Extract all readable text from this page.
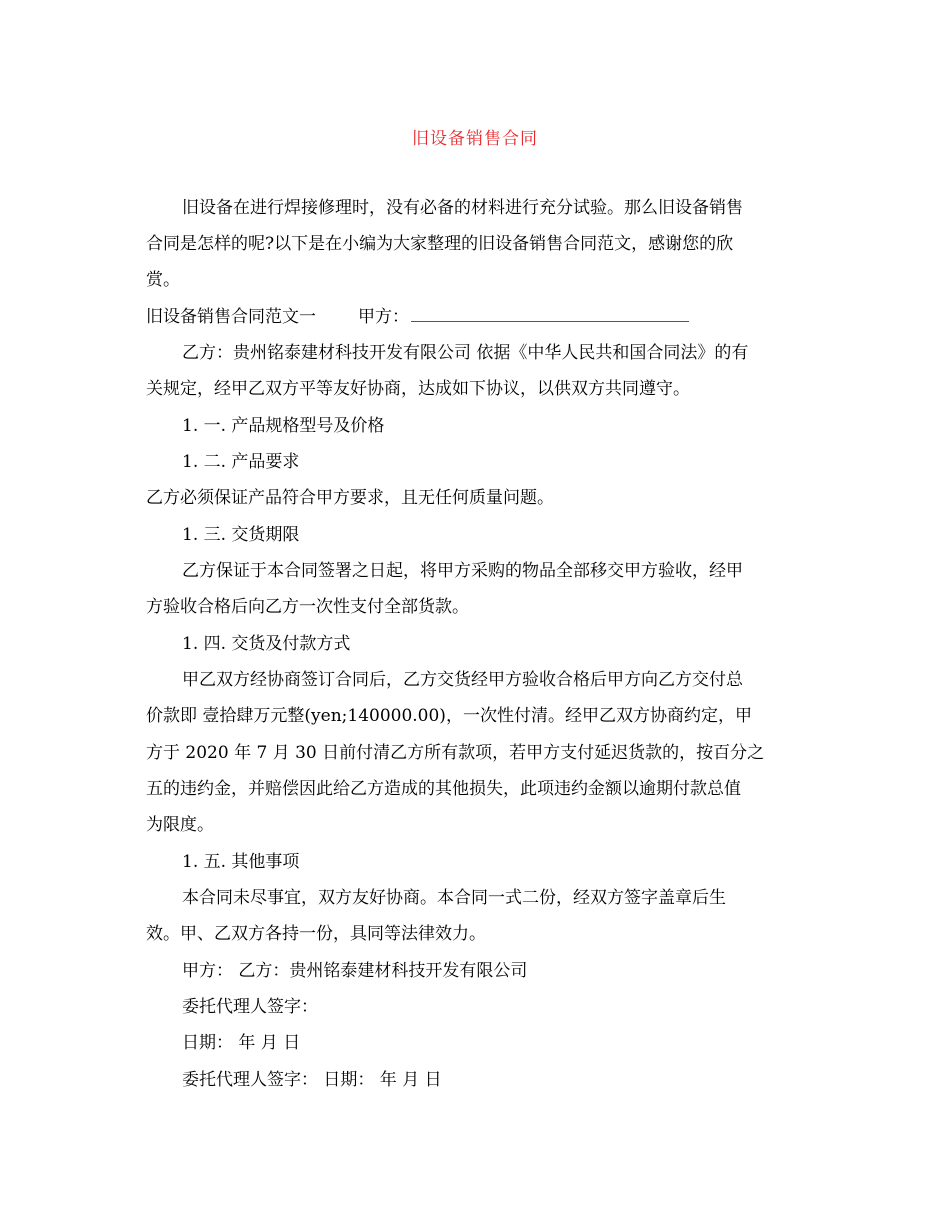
旧设备销售合同
旧设备在进行焊接修理时，没有必备的材料进行充分试验。那么旧设备销售
合同是怎样的呢?以下是在小编为大家整理的旧设备销售合同范文，感谢您的欣
赏。
旧设备销售合同范文一 甲方：
乙方：贵州铭泰建材科技开发有限公司 依据《中华人民共和国合同法》的有
关规定，经甲乙双方平等友好协商，达成如下协议，以供双方共同遵守。
1. 一. 产品规格型号及价格
1. 二. 产品要求
乙方必须保证产品符合甲方要求，且无任何质量问题。
1. 三. 交货期限
乙方保证于本合同签署之日起，将甲方采购的物品全部移交甲方验收，经甲
方验收合格后向乙方一次性支付全部货款。
1. 四. 交货及付款方式
甲乙双方经协商签订合同后，乙方交货经甲方验收合格后甲方向乙方交付总
价款即 壹拾肆万元整(yen;140000.00)，一次性付清。经甲乙双方协商约定，甲
方于 2020 年 7 月 30 日前付清乙方所有款项，若甲方支付延迟货款的，按百分之
五的违约金，并赔偿因此给乙方造成的其他损失，此项违约金额以逾期付款总值
为限度。
1. 五. 其他事项
本合同未尽事宜，双方友好协商。本合同一式二份，经双方签字盖章后生
效。甲、乙双方各持一份，具同等法律效力。
甲方： 乙方：贵州铭泰建材科技开发有限公司
委托代理人签字：
日期： 年 月 日
委托代理人签字： 日期： 年 月 日
